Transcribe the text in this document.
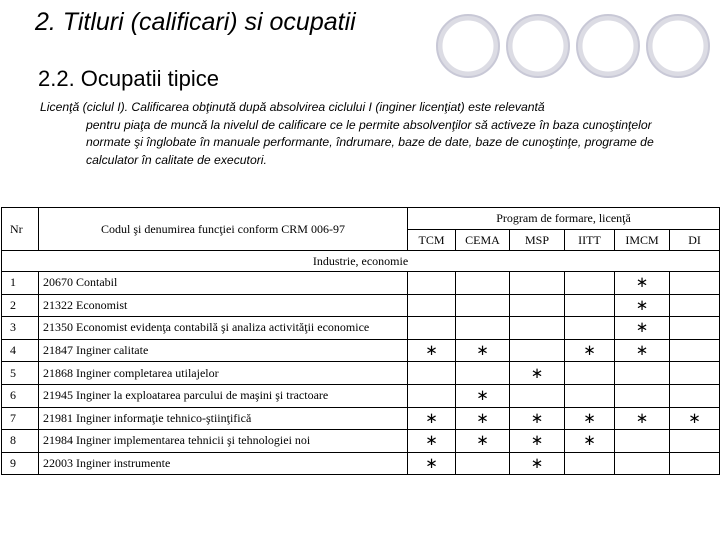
2. Titluri (calificari) si ocupatii
2.2. Ocupatii tipice
Licenţă (ciclul I). Calificarea obţinută după absolvirea ciclului I (inginer licenţiat) este relevantă
pentru piaţa de muncă la nivelul de calificare ce le permite absolvenţilor să activeze în baza cunoştinţelor normate şi înglobate în manuale performante, îndrumare, baze de date, baze de cunoştinţe, programe de calculator în calitate de executori.
Nr	Codul şi denumirea funcţiei conform CRM 006-97	Program de formare, licenţă					
		TCM	CEMA	MSP	IITT	IMCM	DI
Industrie, economie							
1	20670 Contabil					∗	
2	21322 Economist					∗	
3	21350 Economist evidenţa contabilă şi analiza activităţii economice					∗	
4	21847 Inginer calitate	∗	∗		∗	∗	
5	21868 Inginer completarea utilajelor			∗			
6	21945 Inginer la exploatarea parcului de maşini şi tractoare		∗				
7	21981 Inginer informaţie tehnico-ştiinţifică	∗	∗	∗	∗	∗	∗
8	21984 Inginer implementarea tehnicii şi tehnologiei noi	∗	∗	∗	∗		
9	22003 Inginer instrumente	∗		∗			
